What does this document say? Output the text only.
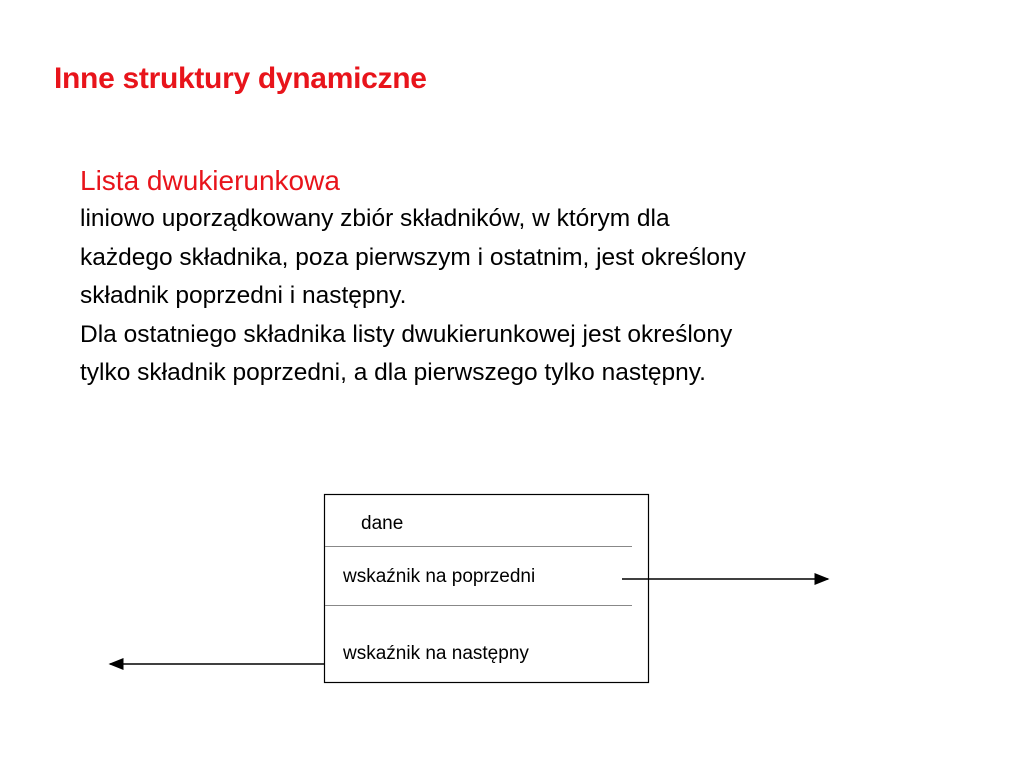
Inne struktury dynamiczne
Lista dwukierunkowa

liniowo uporządkowany zbiór składników, w którym dla

każdego składnika, poza pierwszym i ostatnim, jest określony

składnik poprzedni i następny.

Dla ostatniego składnika listy dwukierunkowej jest określony

tylko składnik poprzedni, a dla pierwszego tylko następny.

dane
wskaźnik na poprzedni
wskaźnik na następny
